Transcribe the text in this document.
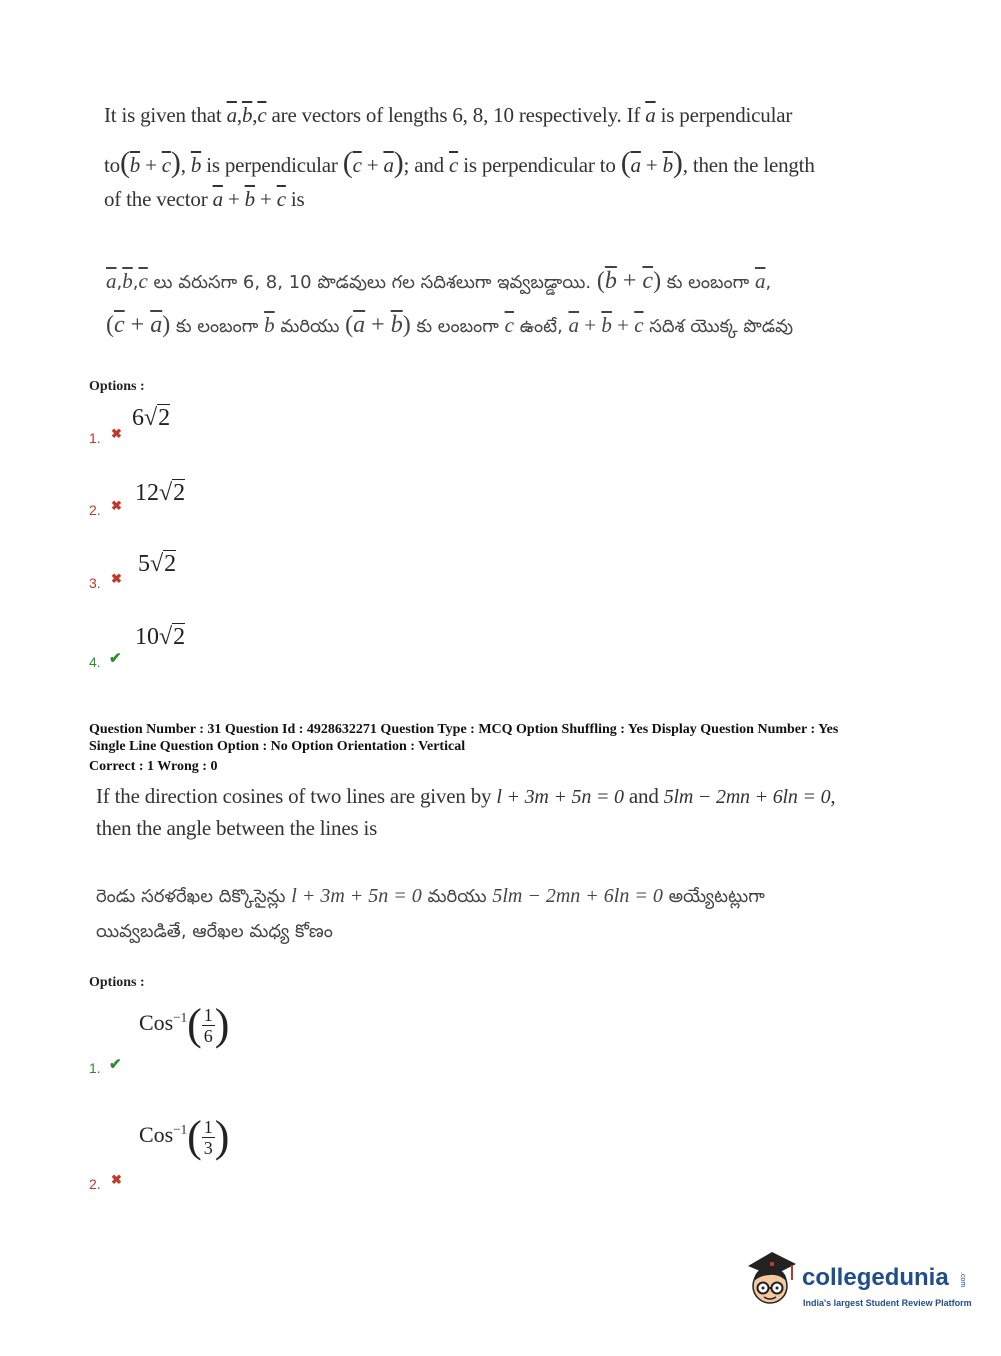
It is given that $\overline{a},\overline{b},\overline{c}$ are vectors of lengths 6, 8, 10 respectively. If $\overline{a}$ is perpendicular
$to(\overline{b} + \overline{c})$, $\overline{b}$ is perpendicular $(\overline{c} + \overline{a})$; and $\overline{c}$ is perpendicular to $(\overline{a} + \overline{b})$, then the length
of the vector $\overline{a} + \overline{b} + \overline{c}$ is
$\overline{a},\overline{b},\overline{c}$ లు వరుసగా 6, 8, 10 పొడవులు గల సదిశలుగా ఇవ్వబడ్డాయి. $(\overline{b} + \overline{c})$ కు లంబంగా $\overline{a}$,
$(\overline{c} + \overline{a})$ కు లంబంగా $\overline{b}$ మరియు $(\overline{a} + \overline{b})$ కు లంబంగా $\overline{c}$ ఉంటే, $\overline{a} + \overline{b} + \overline{c}$ సదిశ యొక్క పొడవు
Options :
6√2
1. ✖
12√2
2. ✖
5√2
3. ✖
10√2
4. ✔
Question Number : 31 Question Id : 4928632271 Question Type : MCQ Option Shuffling : Yes Display Question Number : Yes
Single Line Question Option : No Option Orientation : Vertical
Correct : 1 Wrong : 0
If the direction cosines of two lines are given by l + 3m + 5n = 0 and 5lm − 2mn + 6ln = 0,
then the angle between the lines is
రెండు సరళరేఖల దిక్కొసైన్లు l + 3m + 5n = 0 మరియు 5lm − 2mn + 6ln = 0 అయ్యేటట్లుగా
యివ్వబడితే, ఆరేఖల మధ్య కోణం
Options :
$Cos^{-1}( \frac{1}{6}$ )
1. ✔
$Cos^{-1}( \frac{1}{3}$ )
2. ✖
collegedunia .com
India's largest Student Review Platform
